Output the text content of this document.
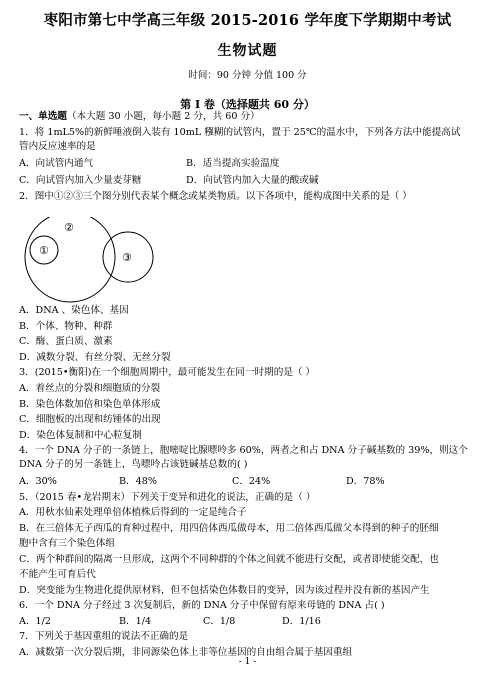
枣阳市第七中学高三年级 2015-2016 学年度下学期期中考试
生物试题
时间：90 分钟 分值 100 分
第 I 卷（选择题共 60 分）
一、单选题（本大题 30 小题，每小题 2 分，共 60 分）
1．将 1mL5%的新鲜唾液倒入装有 10mL 糨糊的试管内，置于 25℃的温水中，下列各方法中能提高试
管内反应速率的是
A．向试管内通气	B．适当提高实验温度
C．向试管内加入少量麦芽糖	D．向试管内加入大量的酸或碱
2．图中①②③三个图分别代表某个概念或某类物质。以下各项中，能构成图中关系的是（ ）
①
②
③
A．DNA 、染色体、基因
B．个体、物种、种群
C．酶、蛋白质、激素
D．减数分裂、有丝分裂、无丝分裂
3．(2015•衡阳)在一个细胞周期中，最可能发生在同一时期的是（ ）
A．着丝点的分裂和细胞质的分裂
B．染色体数加倍和染色单体形成
C．细胞板的出现和纺锤体的出现
D．染色体复制和中心粒复制
4．一个 DNA 分子的一条链上，胞嘧啶比腺嘌呤多 60%，两者之和占 DNA 分子碱基数的 39%，则这个
DNA 分子的另一条链上，鸟嘌呤占该链碱基总数的( )
A．30%	B．48%	C．24%	D．78%
5．（2015 春•龙岩期末）下列关于变异和进化的说法，正确的是（ ）
A．用秋水仙素处理单倍体植株后得到的一定是纯合子
B．在三倍体无子西瓜的育种过程中，用四倍体西瓜做母本，用二倍体西瓜做父本得到的种子的胚细
胞中含有三个染色体组
C．两个种群间的隔离一旦形成，这两个不同种群的个体之间就不能进行交配，或者即使能交配，也
不能产生可育后代
D．突变能为生物进化提供原材料，但不包括染色体数目的变异，因为该过程并没有新的基因产生
6．一个 DNA 分子经过 3 次复制后，新的 DNA 分子中保留有原来母链的 DNA 占( )
A．1/2	B．1/4	C．1/8	D．1/16
7．下列关于基因重组的说法不正确的是
A．减数第一次分裂后期，非同源染色体上非等位基因的自由组合属于基因重组
- 1 -
